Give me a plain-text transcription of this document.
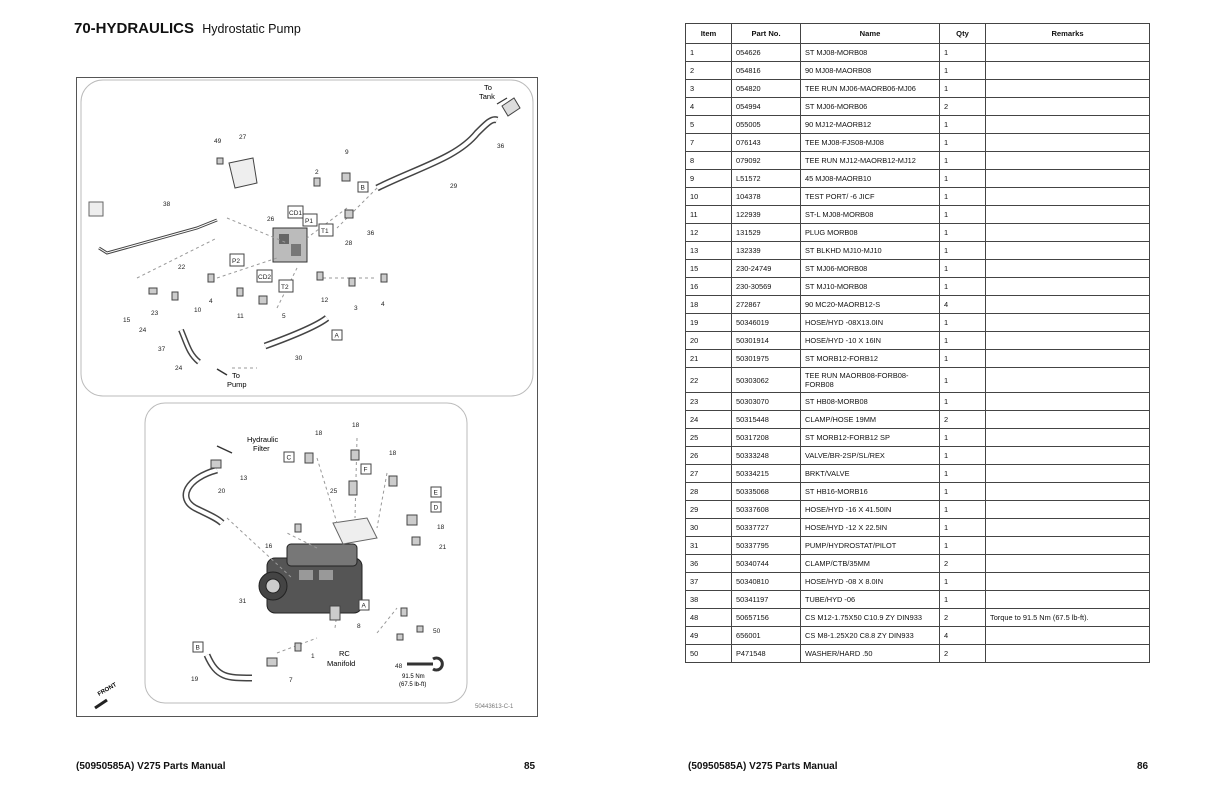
70-HYDRAULICS Hydrostatic Pump
To
Tank
To
Pump
Hydraulic
Filter
RC
Manifold
91.5 Nm
(67.5 lb-ft)
FRONT
50443613-C-1
49
27
9
2
38
26
29
36
28
22
4	12
3
4
15
23	10
11	5
24
37
30
24
18
18
18
13
20	25
16
18
21
31
8
50
1
48
19	7
36
B
P1
T1
CD1
P2
CD2
T2
A
C
F
E
D
A
B
Item	Part No.	Name	Qty	Remarks
1	054626	ST MJ08-MORB08	1	
2	054816	90 MJ08-MAORB08	1	
3	054820	TEE RUN MJ06-MAORB06-MJ06	1	
4	054994	ST MJ06-MORB06	2	
5	055005	90 MJ12-MAORB12	1	
7	076143	TEE MJ08-FJS08-MJ08	1	
8	079092	TEE RUN MJ12-MAORB12-MJ12	1	
9	L51572	45 MJ08-MAORB10	1	
10	104378	TEST PORT/ -6 JICF	1	
11	122939	ST-L MJ08-MORB08	1	
12	131529	PLUG MORB08	1	
13	132339	ST BLKHD MJ10-MJ10	1	
15	230-24749	ST MJ06-MORB08	1	
16	230-30569	ST MJ10-MORB08	1	
18	272867	90 MC20-MAORB12-S	4	
19	50346019	HOSE/HYD -08X13.0IN	1	
20	50301914	HOSE/HYD -10 X 16IN	1	
21	50301975	ST MORB12-FORB12	1	
22	50303062	TEE RUN MAORB08-FORB08-FORB08	1	
23	50303070	ST HB08-MORB08	1	
24	50315448	CLAMP/HOSE 19MM	2	
25	50317208	ST MORB12-FORB12 SP	1	
26	50333248	VALVE/BR-2SP/SL/REX	1	
27	50334215	BRKT/VALVE	1	
28	50335068	ST HB16-MORB16	1	
29	50337608	HOSE/HYD -16 X 41.50IN	1	
30	50337727	HOSE/HYD -12 X 22.5IN	1	
31	50337795	PUMP/HYDROSTAT/PILOT	1	
36	50340744	CLAMP/CTB/35MM	2	
37	50340810	HOSE/HYD -08 X 8.0IN	1	
38	50341197	TUBE/HYD -06	1	
48	50657156	CS M12-1.75X50 C10.9 ZY DIN933	2	Torque to 91.5 Nm (67.5 lb-ft).
49	656001	CS M8-1.25X20 C8.8 ZY DIN933	4	
50	P471548	WASHER/HARD .50	2	
(50950585A) V275 Parts Manual	85	(50950585A) V275 Parts Manual	86
